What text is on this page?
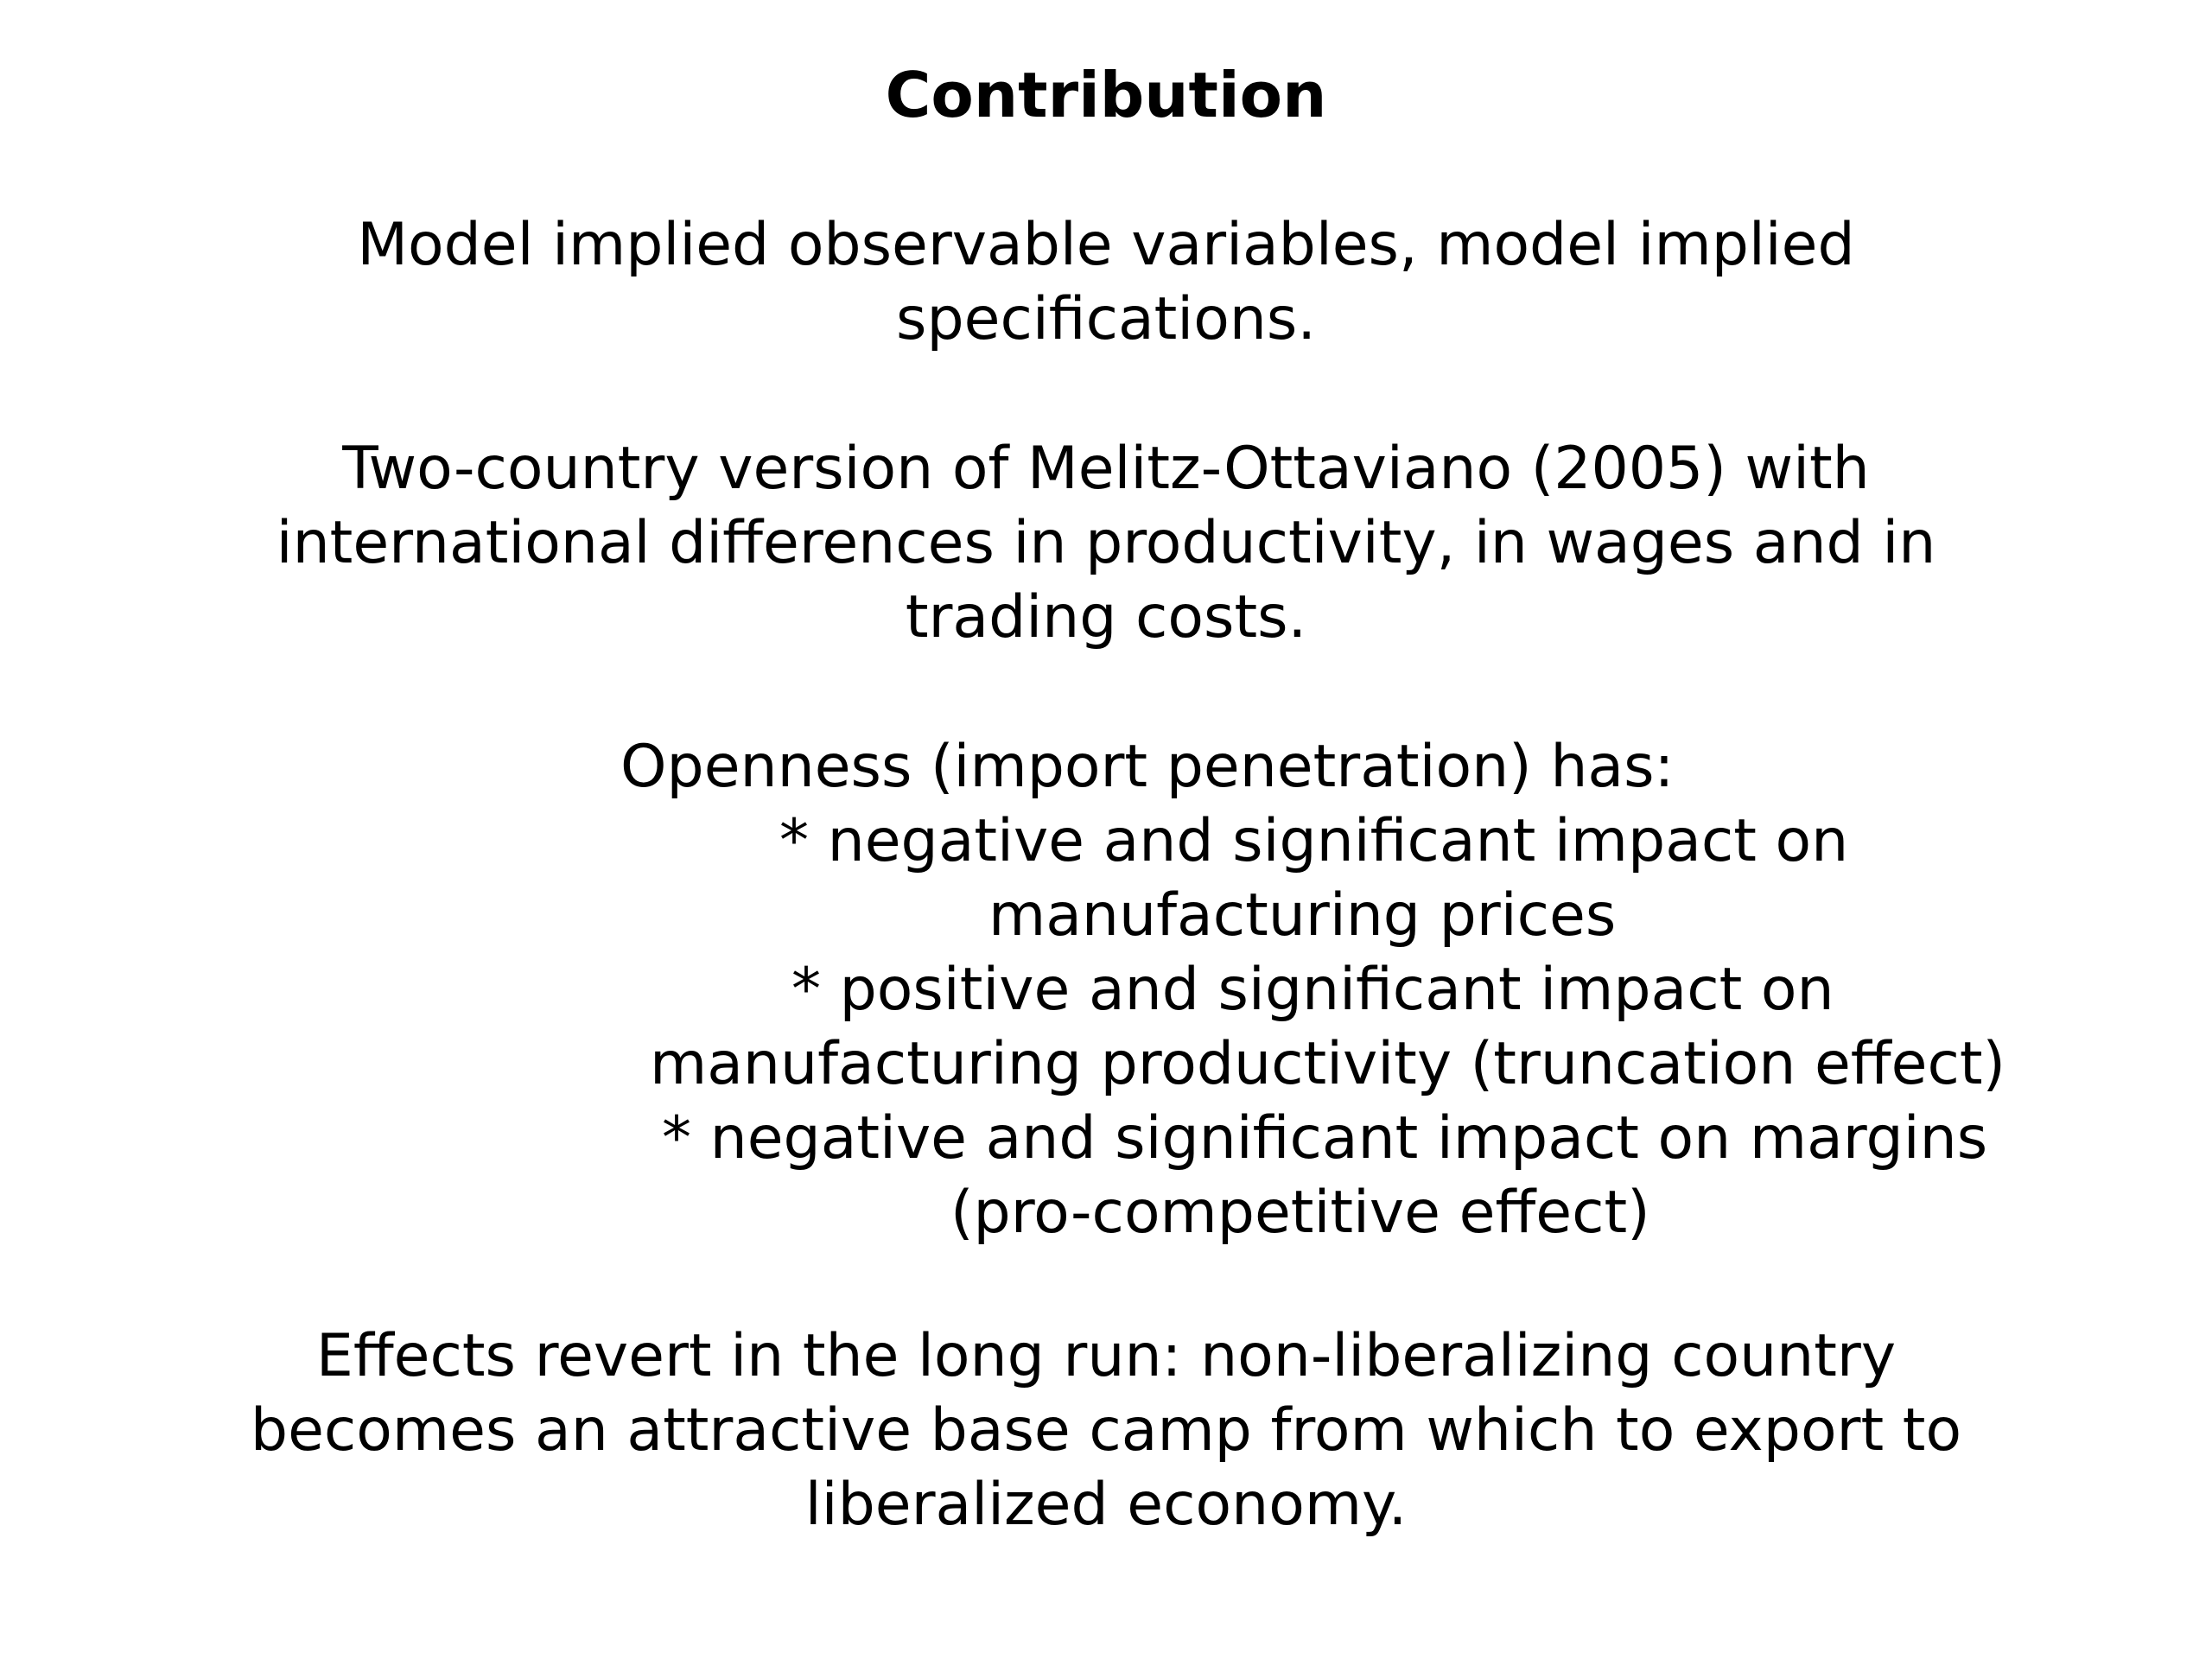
Contribution
Model implied observable variables, model implied
specifications.
Two-country version of Melitz-Ottaviano (2005) with
international differences in productivity, in wages and in
trading costs.
Openness (import penetration) has:
* negative and significant impact on
manufacturing prices
* positive and significant impact on
manufacturing productivity (truncation effect)
* negative and significant impact on margins
(pro-competitive effect)
Effects revert in the long run: non-liberalizing country
becomes an attractive base camp from which to export to
liberalized economy.
